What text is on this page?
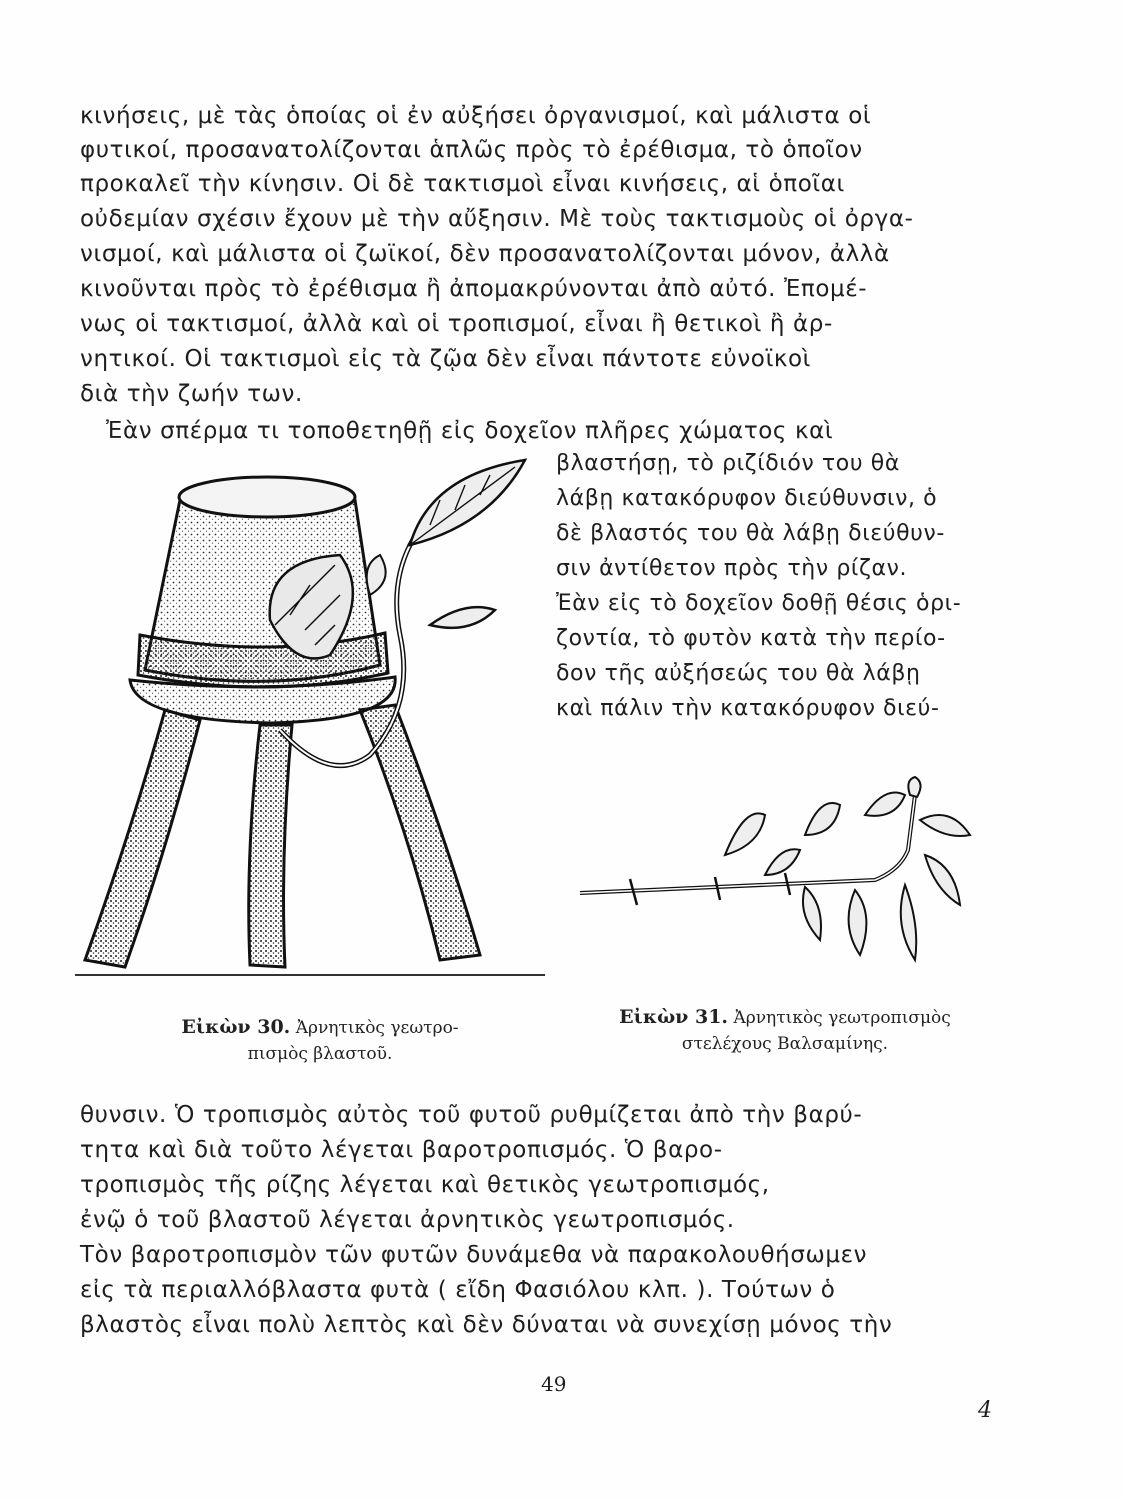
κινήσεις, μὲ τὰς ὁποίας οἱ ἐν αὐξήσει ὀργανισμοί, καὶ μάλιστα οἱ
φυτικοί, προσανατολίζονται ἁπλῶς πρὸς τὸ ἐρέθισμα, τὸ ὁποῖον
προκαλεῖ τὴν κίνησιν. Οἱ δὲ τακτισμοὶ εἶναι κινήσεις, αἱ ὁποῖαι
οὐδεμίαν σχέσιν ἔχουν μὲ τὴν αὔξησιν. Μὲ τοὺς τακτισμοὺς οἱ ὀργα-
νισμοί, καὶ μάλιστα οἱ ζωϊκοί, δὲν προσανατολίζονται μόνον, ἀλλὰ
κινοῦνται πρὸς τὸ ἐρέθισμα ἢ ἀπομακρύνονται ἀπὸ αὐτό. Ἐπομέ-
νως οἱ τακτισμοί, ἀλλὰ καὶ οἱ τροπισμοί, εἶναι ἢ θετικοὶ ἢ ἀρ-
νητικοί. Οἱ τακτισμοὶ εἰς τὰ ζῷα δὲν εἶναι πάντοτε εὐνοϊκοὶ
διὰ τὴν ζωήν των.
Ἐὰν σπέρμα τι τοποθετηθῇ εἰς δοχεῖον πλῆρες χώματος καὶ
βλαστήσῃ, τὸ ριζίδιόν του θὰ
λάβῃ κατακόρυφον διεύθυνσιν, ὁ
δὲ βλαστός του θὰ λάβῃ διεύθυν-
σιν ἀντίθετον πρὸς τὴν ρίζαν.
Ἐὰν εἰς τὸ δοχεῖον δοθῇ θέσις ὁρι-
ζοντία, τὸ φυτὸν κατὰ τὴν περίο-
δον τῆς αὐξήσεώς του θὰ λάβῃ
καὶ πάλιν τὴν κατακόρυφον διεύ-
Εἰκὼν 30. Ἀρνητικὸς γεωτρο-
πισμὸς βλαστοῦ.
Εἰκὼν 31. Ἀρνητικὸς γεωτροπισμὸς
στελέχους Βαλσαμίνης.
θυνσιν. Ὁ τροπισμὸς αὐτὸς τοῦ φυτοῦ ρυθμίζεται ἀπὸ τὴν βαρύ-
τητα καὶ διὰ τοῦτο λέγεται βαροτροπισμός. Ὁ βαρο-
τροπισμὸς τῆς ρίζης λέγεται καὶ θετικὸς γεωτροπισμός,
ἐνῷ ὁ τοῦ βλαστοῦ λέγεται ἀρνητικὸς γεωτροπισμός.
Τὸν βαροτροπισμὸν τῶν φυτῶν δυνάμεθα νὰ παρακολουθήσωμεν
εἰς τὰ περιαλλόβλαστα φυτὰ ( εἴδη Φασιόλου κλπ. ). Τούτων ὁ
βλαστὸς εἶναι πολὺ λεπτὸς καὶ δὲν δύναται νὰ συνεχίσῃ μόνος τὴν
49
4
